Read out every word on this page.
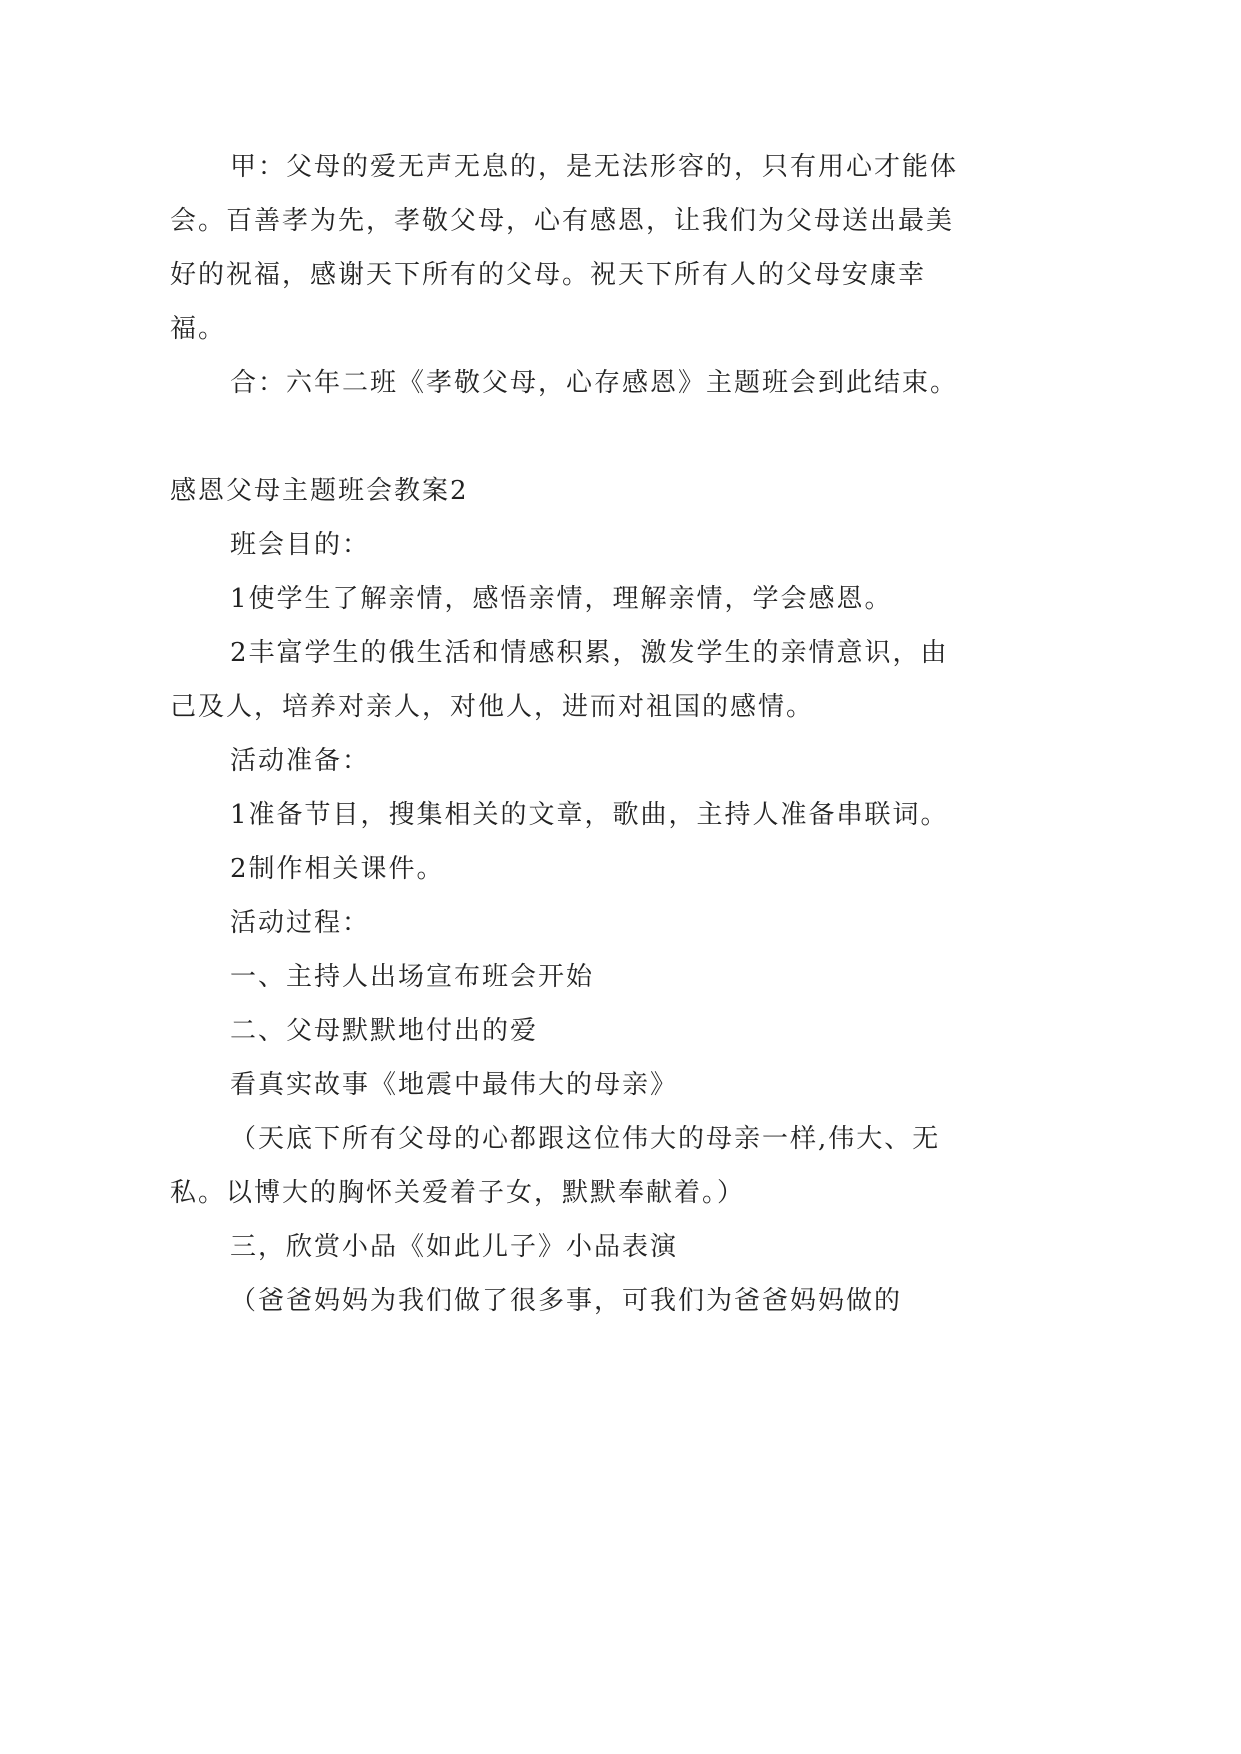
甲：父母的爱无声无息的，是无法形容的，只有用心才能体会。百善孝为先，孝敬父母，心有感恩，让我们为父母送出最美好的祝福，感谢天下所有的父母。祝天下所有人的父母安康幸福。

合：六年二班《孝敬父母，心存感恩》主题班会到此结束。

感恩父母主题班会教案2

班会目的：

1使学生了解亲情，感悟亲情，理解亲情，学会感恩。

2丰富学生的俄生活和情感积累，激发学生的亲情意识，由己及人，培养对亲人，对他人，进而对祖国的感情。

活动准备：

1准备节目，搜集相关的文章，歌曲，主持人准备串联词。

2制作相关课件。

活动过程：

一、主持人出场宣布班会开始

二、父母默默地付出的爱

看真实故事《地震中最伟大的母亲》

（天底下所有父母的心都跟这位伟大的母亲一样,伟大、无私。以博大的胸怀关爱着子女，默默奉献着。）

三，欣赏小品《如此儿子》小品表演

（爸爸妈妈为我们做了很多事，可我们为爸爸妈妈做的
